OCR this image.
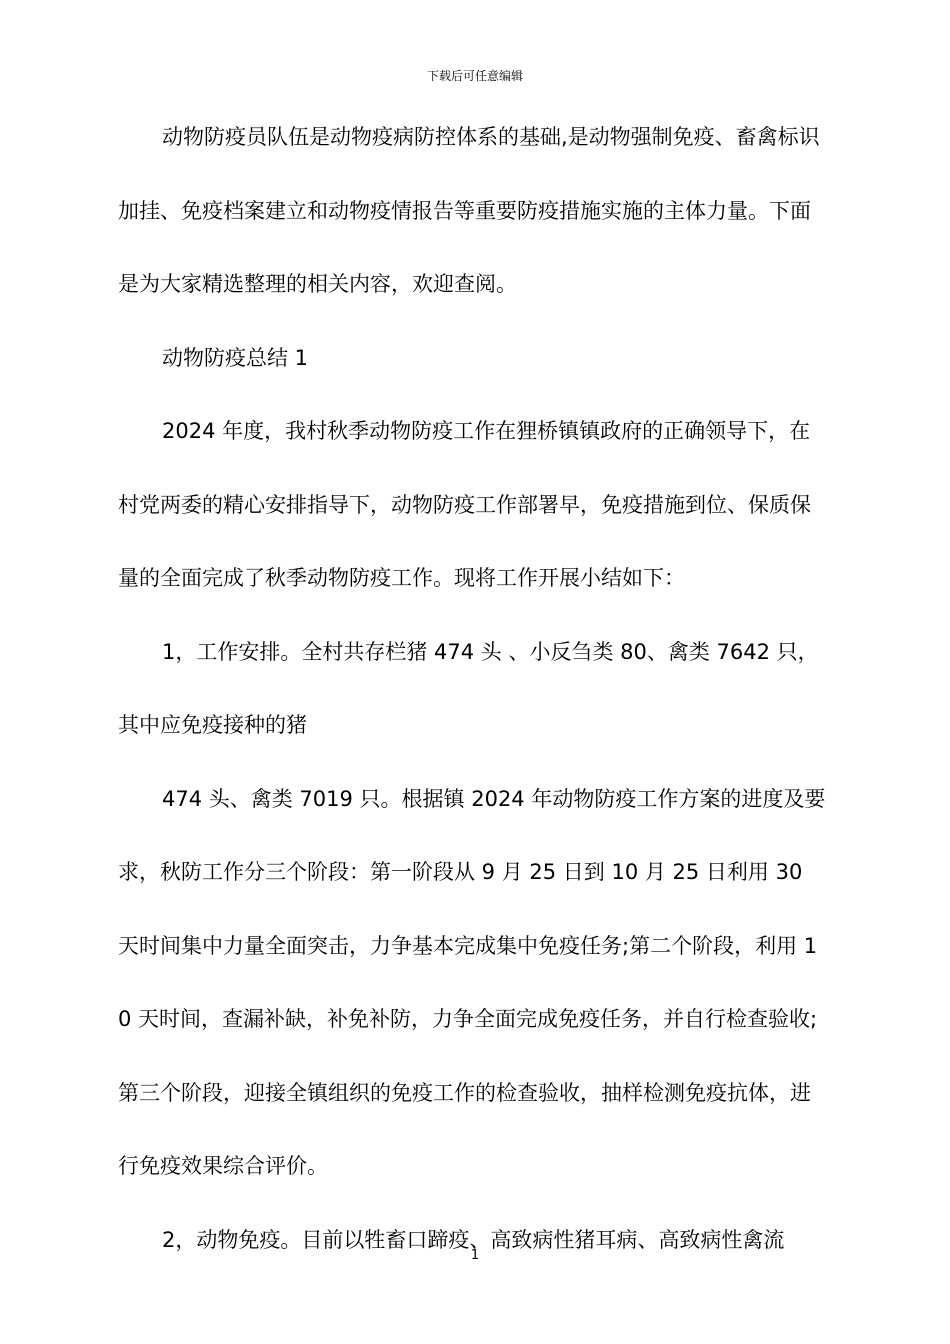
下载后可任意编辑

动物防疫员队伍是动物疫病防控体系的基础,是动物强制免疫、畜禽标识加挂、免疫档案建立和动物疫情报告等重要防疫措施实施的主体力量。下面是为大家精选整理的相关内容，欢迎查阅。

动物防疫总结 1

2024 年度，我村秋季动物防疫工作在狸桥镇镇政府的正确领导下，在村党两委的精心安排指导下，动物防疫工作部署早，免疫措施到位、保质保量的全面完成了秋季动物防疫工作。现将工作开展小结如下：

1，工作安排。全村共存栏猪 474 头 、小反刍类 80、禽类 7642 只，其中应免疫接种的猪

474 头、禽类 7019 只。根据镇 2024 年动物防疫工作方案的进度及要求，秋防工作分三个阶段：第一阶段从 9 月 25 日到 10 月 25 日利用 30 天时间集中力量全面突击，力争基本完成集中免疫任务;第二个阶段，利用 10 天时间，查漏补缺，补免补防，力争全面完成免疫任务，并自行检查验收;第三个阶段，迎接全镇组织的免疫工作的检查验收，抽样检测免疫抗体，进行免疫效果综合评价。

2，动物免疫。目前以牲畜口蹄疫、高致病性猪耳病、高致病性禽流

1
